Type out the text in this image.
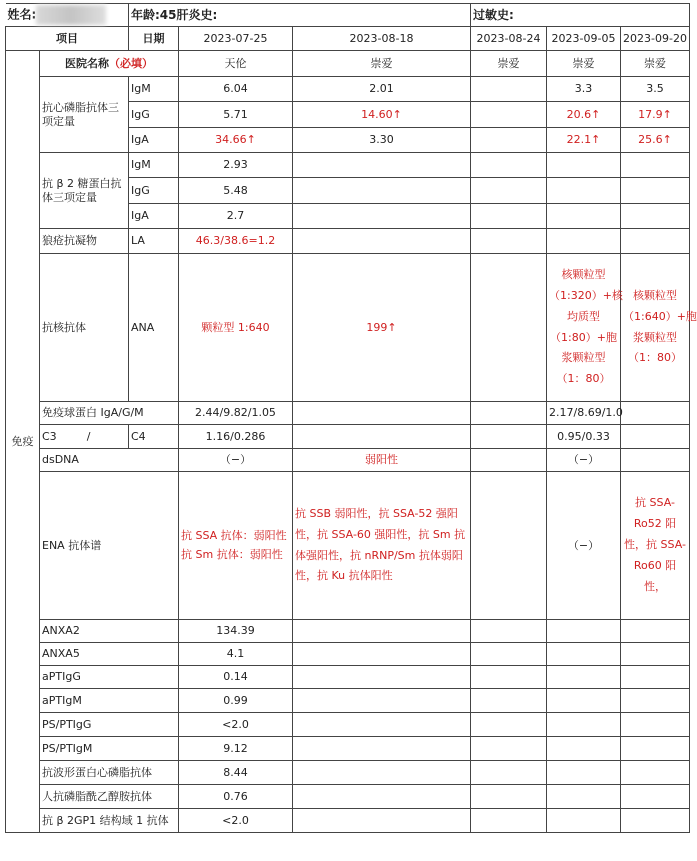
姓名:		年龄:45肝炎史:			过敏史:		
项目		日期	2023-07-25	2023-08-18	2023-08-24	2023-09-05	2023-09-20
免疫	医院名称（必填）		天伦	崇爱	崇爱	崇爱	崇爱
	抗心磷脂抗体三项定量	IgM	6.04	2.01		3.3	3.5
		IgG	5.71	14.60↑		20.6↑	17.9↑
		IgA	34.66↑	3.30		22.1↑	25.6↑
	抗 β 2 糖蛋白抗体三项定量	IgM	2.93				
		IgG	5.48				
		IgA	2.7				
	狼疮抗凝物	LA	46.3/38.6=1.2				
	抗核抗体	ANA	颗粒型 1:640	199↑		核颗粒型（1:320）+核均质型（1:80）+胞浆颗粒型（1：80）	核颗粒型（1:640）+胞浆颗粒型（1：80）
	免疫球蛋白 IgA/G/M		2.44/9.82/1.05			2.17/8.69/1.0	
	C3 /	C4	1.16/0.286			0.95/0.33	
	dsDNA		（−）	弱阳性		（−）	
	ENA 抗体谱		抗 SSA 抗体：弱阳性 抗 Sm 抗体：弱阳性	抗 SSB 弱阳性，抗 SSA-52 强阳性，抗 SSA-60 强阳性，抗 Sm 抗体强阳性，抗 nRNP/Sm 抗体弱阳性，抗 Ku 抗体阳性		（−）	抗 SSA-Ro52 阳性，抗 SSA-Ro60 阳性，
	ANXA2		134.39				
	ANXA5		4.1				
	aPTIgG		0.14				
	aPTIgM		0.99				
	PS/PTIgG		<2.0				
	PS/PTIgM		9.12				
	抗波形蛋白心磷脂抗体		8.44				
	人抗磷脂酰乙醇胺抗体		0.76				
	抗 β 2GP1 结构域 1 抗体		<2.0				
